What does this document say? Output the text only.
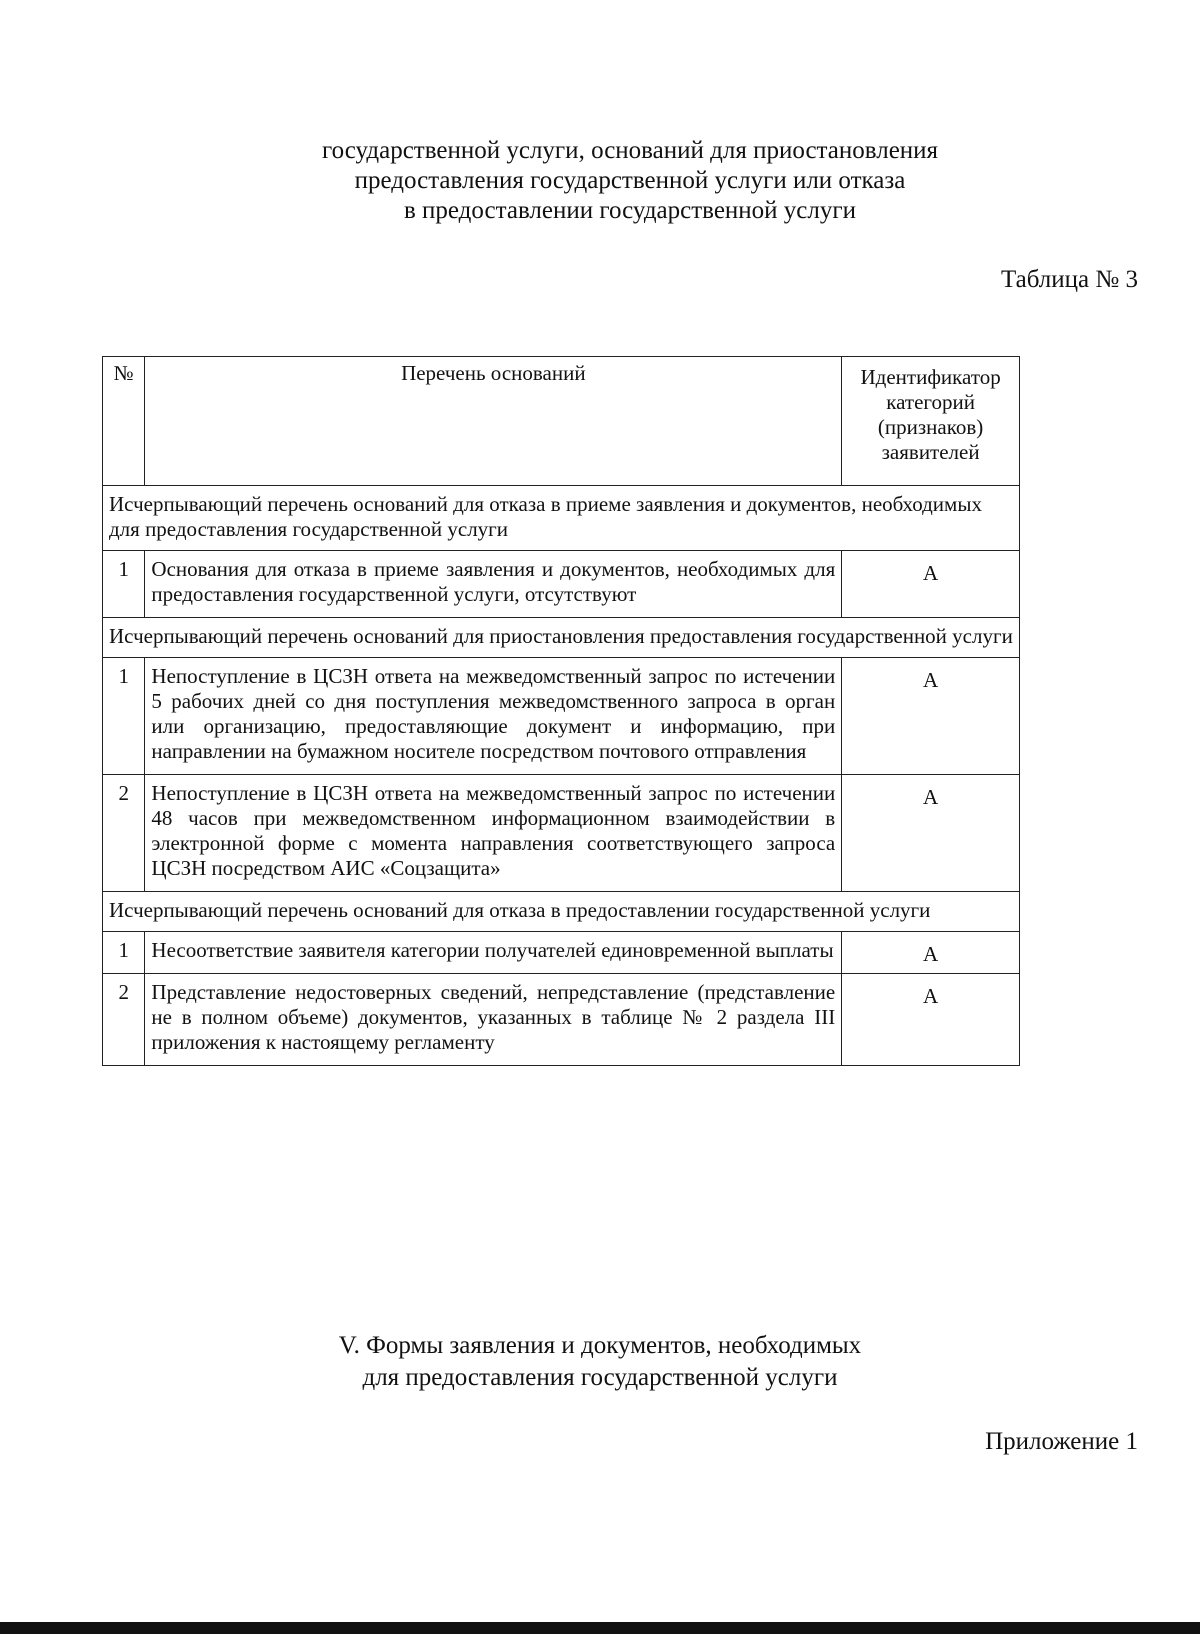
государственной услуги, оснований для приостановления
предоставления государственной услуги или отказа
в предоставлении государственной услуги
Таблица № 3
№	Перечень оснований	Идентификатор категорий (признаков) заявителей
Исчерпывающий перечень оснований для отказа в приеме заявления и документов, необходимых для предоставления государственной услуги		
1	Основания для отказа в приеме заявления и документов, необходимых для предоставления государственной услуги, отсутствуют	А
Исчерпывающий перечень оснований для приостановления предоставления государственной услуги		
1	Непоступление в ЦСЗН ответа на межведомственный запрос по истечении 5 рабочих дней со дня поступления межведомственного запроса в орган или организацию, предоставляющие документ и информацию, при направлении на бумажном носителе посредством почтового отправления	А
2	Непоступление в ЦСЗН ответа на межведомственный запрос по истечении 48 часов при межведомственном информационном взаимодействии в электронной форме с момента направления соответствующего запроса ЦСЗН посредством АИС «Соцзащита»	А
Исчерпывающий перечень оснований для отказа в предоставлении государственной услуги		
1	Несоответствие заявителя категории получателей единовременной выплаты	А
2	Представление недостоверных сведений, непредставление (представление не в полном объеме) документов, указанных в таблице № 2 раздела III приложения к настоящему регламенту	А
V. Формы заявления и документов, необходимых
для предоставления государственной услуги
Приложение 1
